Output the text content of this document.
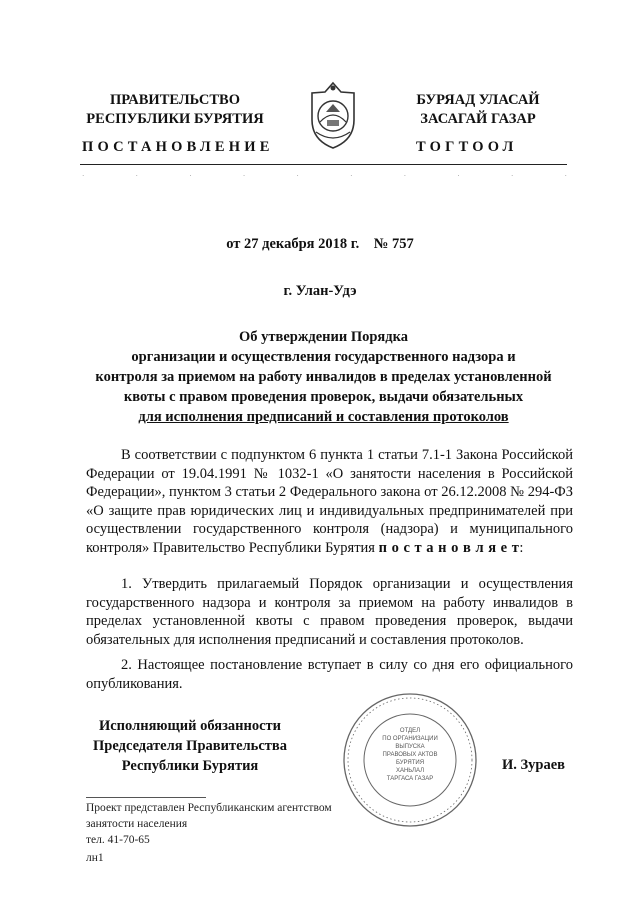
ПРАВИТЕЛЬСТВО
РЕСПУБЛИКИ БУРЯТИЯ
БУРЯАД УЛАСАЙ
ЗАСАГАЙ ГАЗАР
ПОСТАНОВЛЕНИЕ	ТОГТООЛ
·	·	·	·	·	·	·	·	·	·
от 27 декабря 2018 г.    № 757
г. Улан-Удэ
Об утверждении Порядка
организации и осуществления государственного надзора и
контроля за приемом на работу инвалидов в пределах установленной
квоты с правом проведения проверок, выдачи обязательных
для исполнения предписаний и составления протоколов

В соответствии с подпунктом 6 пункта 1 статьи 7.1-1 Закона Российской Федерации от 19.04.1991 № 1032-1 «О занятости населения в Российской Федерации», пунктом 3 статьи 2 Федерального закона от 26.12.2008 № 294-ФЗ «О защите прав юридических лиц и индивидуальных предпринимателей при осуществлении государственного контроля (надзора) и муниципального контроля» Правительство Республики Бурятия п о с т а н о в л я е т:

1. Утвердить прилагаемый Порядок организации и осуществления государственного надзора и контроля за приемом на работу инвалидов в пределах установленной квоты с правом проведения проверок, выдачи обязательных для исполнения предписаний и составления протоколов.

2. Настоящее постановление вступает в силу со дня его официального опубликования.

Исполняющий обязанности
Председателя Правительства
Республики Бурятия
ОТДЕЛ
ПО ОРГАНИЗАЦИИ
ВЫПУСКА
ПРАВОВЫХ АКТОВ
БУРЯТИЯ
ХАНЬЛАЛ
ТАРГАСА ГАЗАР
И. Зураев
Проект представлен Республиканским агентством
занятости населения
тел. 41-70-65
лн1
